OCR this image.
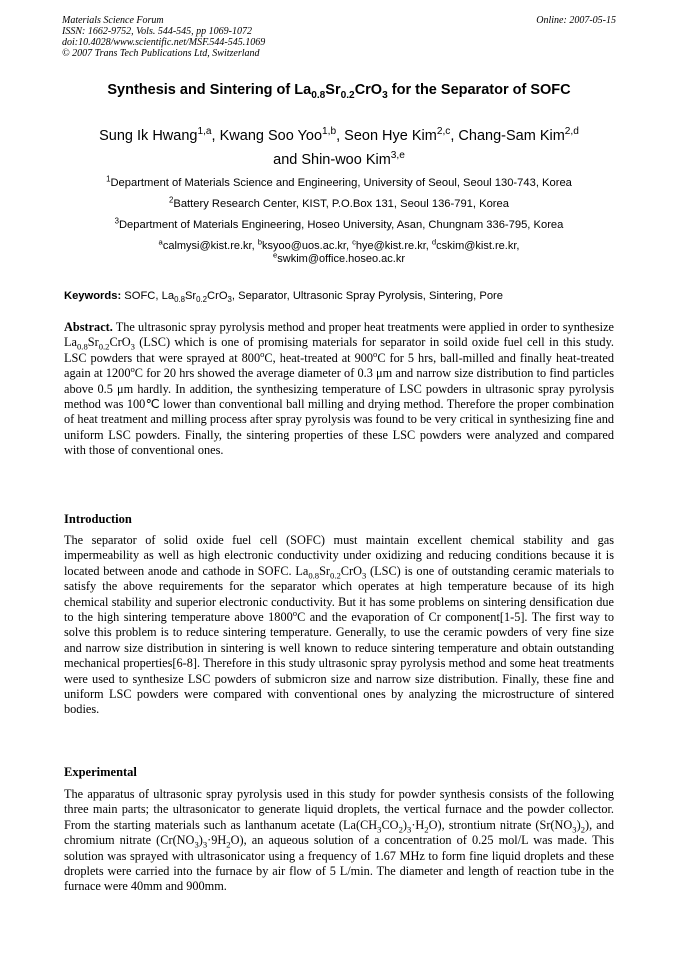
Materials Science Forum
ISSN: 1662-9752, Vols. 544-545, pp 1069-1072
doi:10.4028/www.scientific.net/MSF.544-545.1069
© 2007 Trans Tech Publications Ltd, Switzerland
Online: 2007-05-15
Synthesis and Sintering of $La_{0.8}Sr_{0.2}CrO_3$ for the Separator of SOFC
Sung Ik Hwang$^{1,a}$, Kwang Soo Yoo$^{1,b}$, Seon Hye Kim$^{2,c}$, Chang-Sam Kim$^{2,d}$
and Shin-woo Kim$^{3,e}$
$^1$Department of Materials Science and Engineering, University of Seoul, Seoul 130-743, Korea
$^2$Battery Research Center, KIST, P.O.Box 131, Seoul 136-791, Korea
$^3$Department of Materials Engineering, Hoseo University, Asan, Chungnam 336-795, Korea
$^a$calmysi@kist.re.kr, $^b$ksyoo@uos.ac.kr, $^c$hye@kist.re.kr, $^d$cskim@kist.re.kr,
$^e$swkim@office.hoseo.ac.kr
Keywords: SOFC, $La_{0.8}Sr_{0.2}CrO_3$, Separator, Ultrasonic Spray Pyrolysis, Sintering, Pore
Abstract. The ultrasonic spray pyrolysis method and proper heat treatments were applied in order to synthesize $La_{0.8}Sr_{0.2}CrO_3$ (LSC) which is one of promising materials for separator in soild oxide fuel cell in this study. LSC powders that were sprayed at 800$^o$C, heat-treated at 900$^o$C for 5 hrs, ball-milled and finally heat-treated again at 1200$^o$C for 20 hrs showed the average diameter of 0.3 μm and narrow size distribution to find particles above 0.5 μm hardly. In addition, the synthesizing temperature of LSC powders in ultrasonic spray pyrolysis method was 100℃ lower than conventional ball milling and drying method. Therefore the proper combination of heat treatment and milling process after spray pyrolysis was found to be very critical in synthesizing fine and uniform LSC powders. Finally, the sintering properties of these LSC powders were analyzed and compared with those of conventional ones.
Introduction
The separator of solid oxide fuel cell (SOFC) must maintain excellent chemical stability and gas impermeability as well as high electronic conductivity under oxidizing and reducing conditions because it is located between anode and cathode in SOFC. $La_{0.8}Sr_{0.2}CrO_3$ (LSC) is one of outstanding ceramic materials to satisfy the above requirements for the separator which operates at high temperature because of its high chemical stability and superior electronic conductivity. But it has some problems on sintering densification due to the high sintering temperature above 1800$^o$C and the evaporation of Cr component[1-5]. The first way to solve this problem is to reduce sintering temperature. Generally, to use the ceramic powders of very fine size and narrow size distribution in sintering is well known to reduce sintering temperature and obtain outstanding mechanical properties[6-8]. Therefore in this study ultrasonic spray pyrolysis method and some heat treatments were used to synthesize LSC powders of submicron size and narrow size distribution. Finally, these fine and uniform LSC powders were compared with conventional ones by analyzing the microstructure of sintered bodies.
Experimental
The apparatus of ultrasonic spray pyrolysis used in this study for powder synthesis consists of the following three main parts; the ultrasonicator to generate liquid droplets, the vertical furnace and the powder collector. From the starting materials such as lanthanum acetate $(La(CH_3CO_2)_3\cdot H_2O)$, strontium nitrate $(Sr(NO_3)_2)$, and chromium nitrate $(Cr(NO_3)_3\cdot 9H_2O)$, an aqueous solution of a concentration of 0.25 mol/L was made. This solution was sprayed with ultrasonicator using a frequency of 1.67 MHz to form fine liquid droplets and these droplets were carried into the furnace by air flow of 5 L/min. The diameter and length of reaction tube in the furnace were 40mm and 900mm.
